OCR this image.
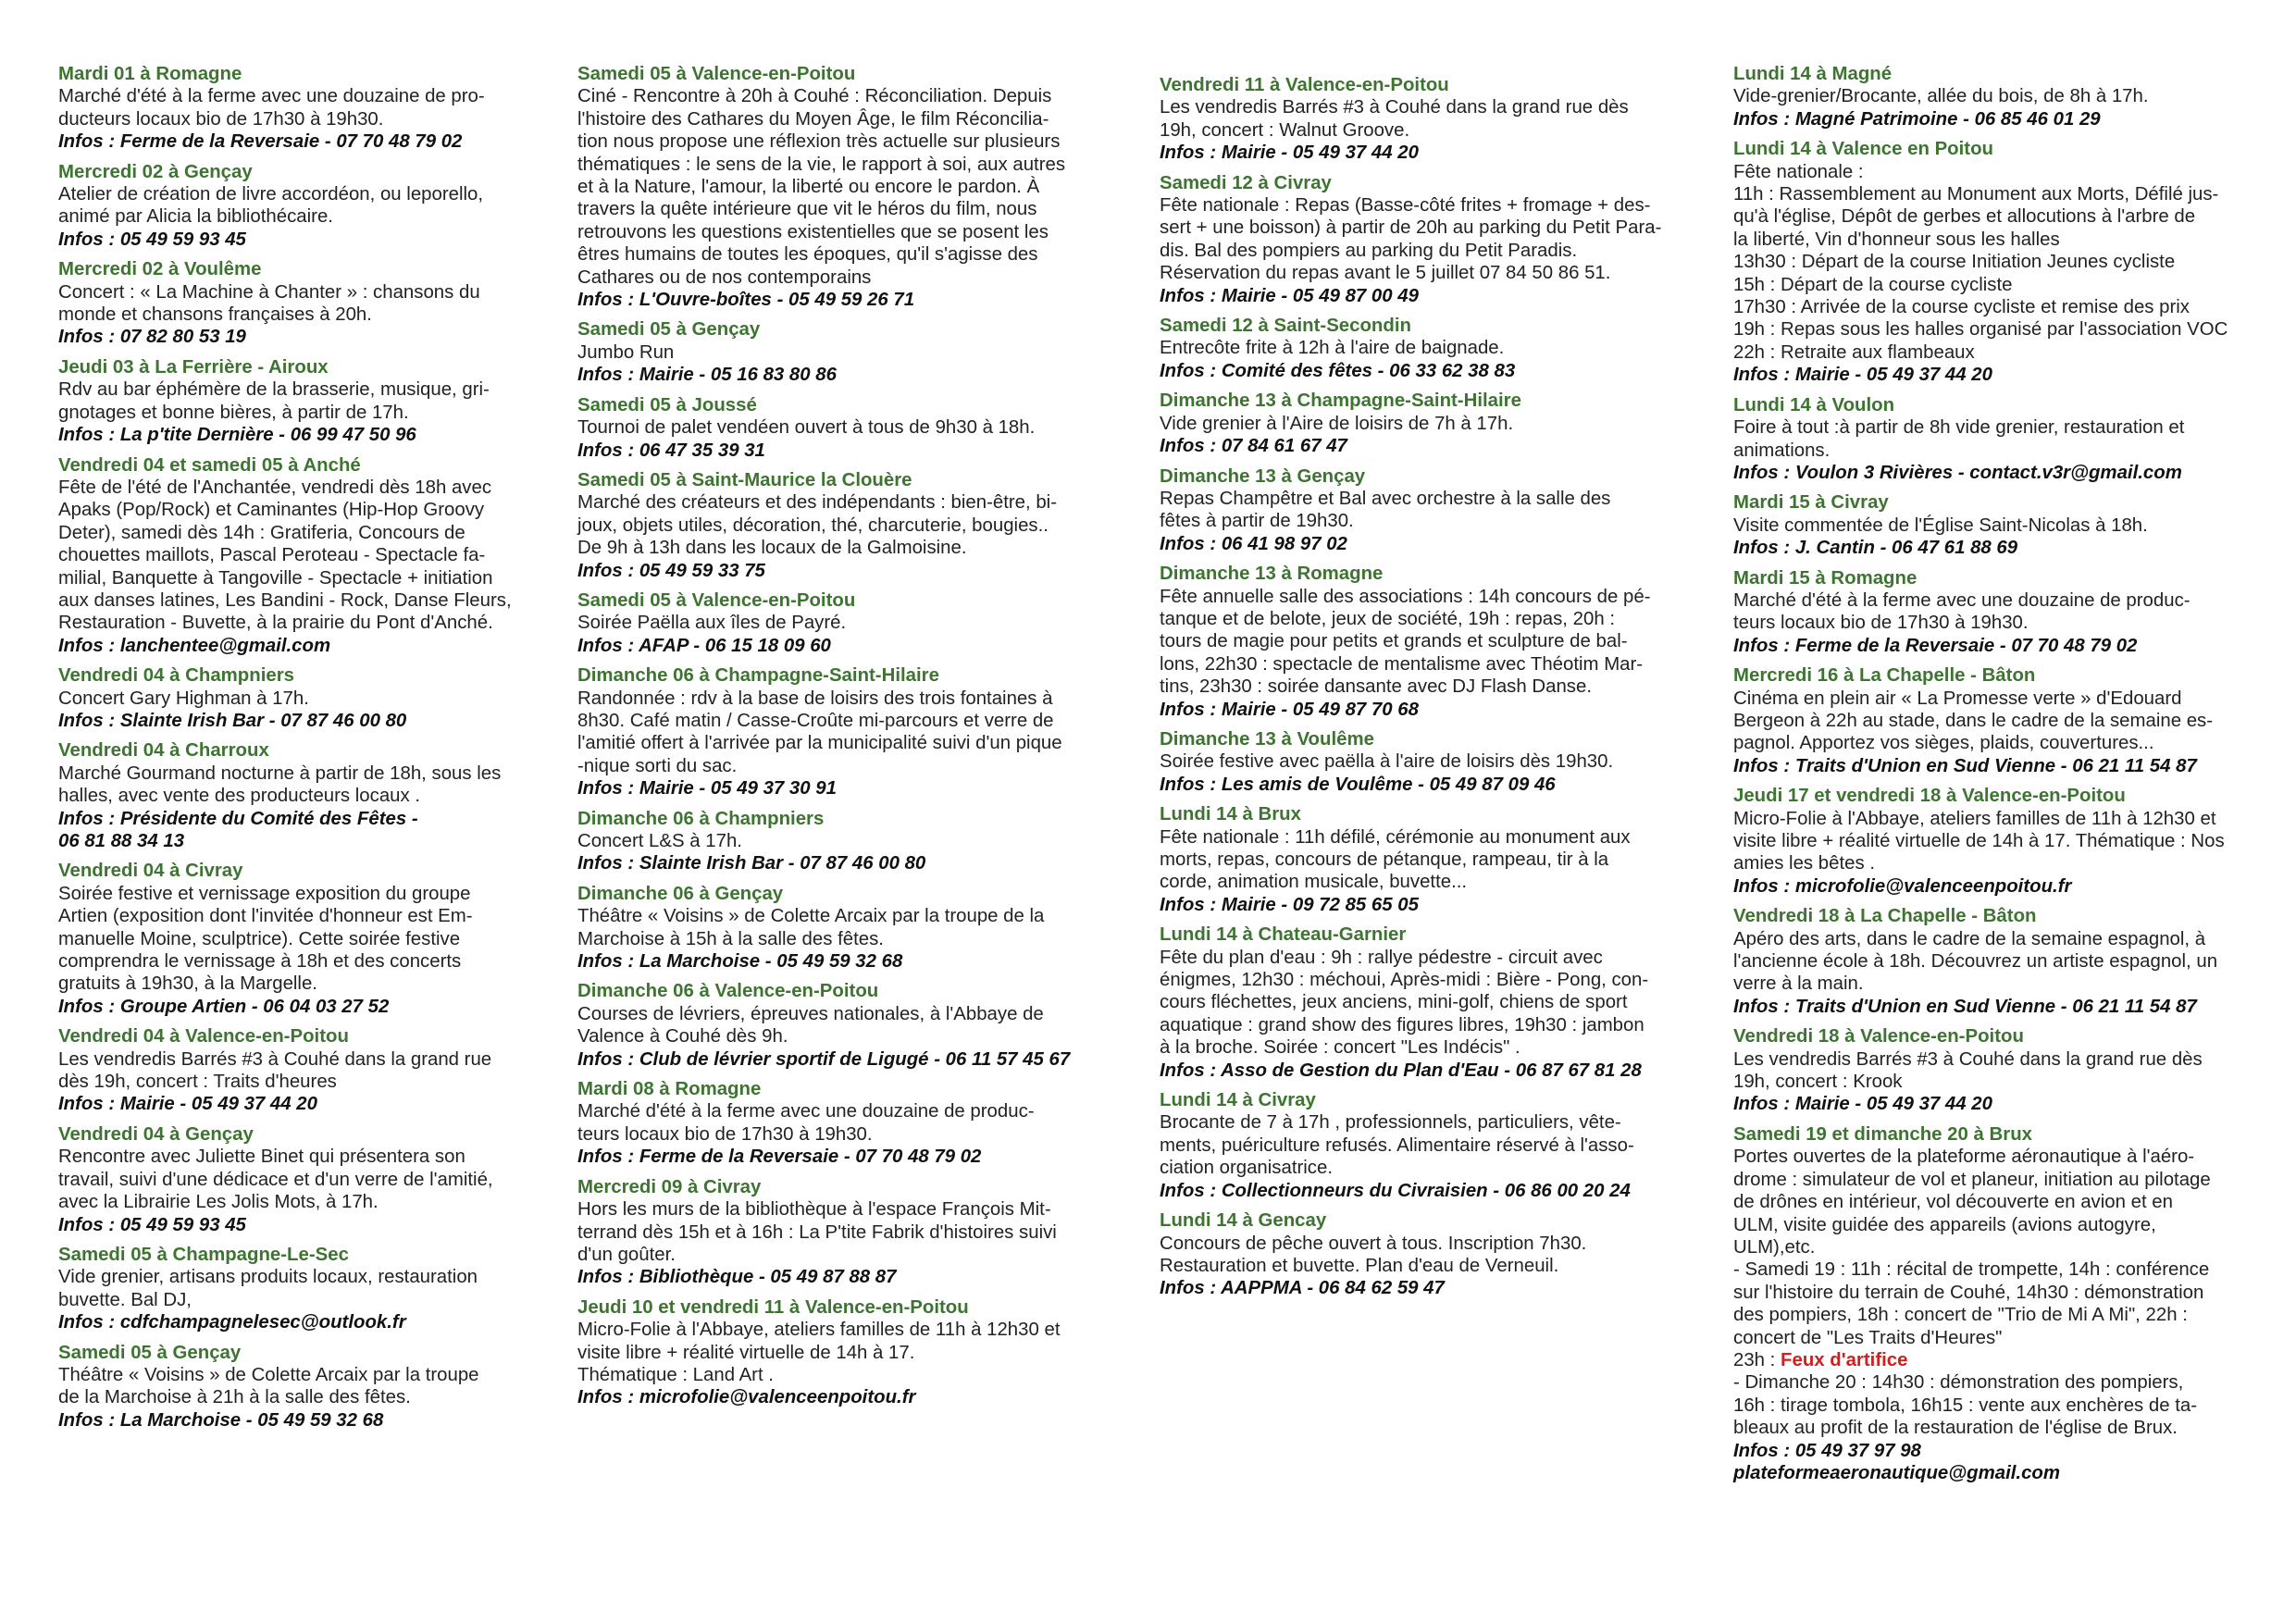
Mardi 01 à Romagne
Marché d'été à la ferme avec une douzaine de pro-
ducteurs locaux bio de 17h30 à 19h30.
Infos : Ferme de la Reversaie - 07 70 48 79 02
Mercredi 02 à Gençay
Atelier de création de livre accordéon, ou leporello,
animé par Alicia la bibliothécaire.
Infos : 05 49 59 93 45
Mercredi 02 à Voulême
Concert : « La Machine à Chanter » : chansons du
monde et chansons françaises à 20h.
Infos : 07 82 80 53 19
Jeudi 03 à La Ferrière - Airoux
Rdv au bar éphémère de la brasserie, musique, gri-
gnotages et bonne bières, à partir de 17h.
Infos : La p'tite Dernière - 06 99 47 50 96
Vendredi 04 et samedi 05 à Anché
Fête de l'été de l'Anchantée, vendredi dès 18h avec
Apaks (Pop/Rock) et Caminantes (Hip-Hop Groovy
Deter), samedi dès 14h : Gratiferia, Concours de
chouettes maillots, Pascal Peroteau - Spectacle fa-
milial, Banquette à Tangoville - Spectacle + initiation
aux danses latines, Les Bandini - Rock, Danse Fleurs,
Restauration - Buvette, à la prairie du Pont d'Anché.
Infos : lanchentee@gmail.com
Vendredi 04 à Champniers
Concert Gary Highman à 17h.
Infos : Slainte Irish Bar - 07 87 46 00 80
Vendredi 04 à Charroux
Marché Gourmand nocturne à partir de 18h, sous les
halles, avec vente des producteurs locaux .
Infos : Présidente du Comité des Fêtes -
06 81 88 34 13
Vendredi 04 à Civray
Soirée festive et vernissage exposition du groupe
Artien (exposition dont l'invitée d'honneur est Em-
manuelle Moine, sculptrice). Cette soirée festive
comprendra le vernissage à 18h et des concerts
gratuits à 19h30, à la Margelle.
Infos : Groupe Artien - 06 04 03 27 52
Vendredi 04 à Valence-en-Poitou
Les vendredis Barrés #3 à Couhé dans la grand rue
dès 19h, concert : Traits d'heures
Infos : Mairie - 05 49 37 44 20
Vendredi 04 à Gençay
Rencontre avec Juliette Binet qui présentera son
travail, suivi d'une dédicace et d'un verre de l'amitié,
avec la Librairie Les Jolis Mots, à 17h.
Infos : 05 49 59 93 45
Samedi 05 à Champagne-Le-Sec
Vide grenier, artisans produits locaux, restauration
buvette. Bal DJ,
Infos : cdfchampagnelesec@outlook.fr
Samedi 05 à Gençay
Théâtre « Voisins » de Colette Arcaix par la troupe
de la Marchoise à 21h à la salle des fêtes.
Infos : La Marchoise - 05 49 59 32 68
Samedi 05 à Valence-en-Poitou
Ciné - Rencontre à 20h à Couhé : Réconciliation. Depuis
l'histoire des Cathares du Moyen Âge, le film Réconcilia-
tion nous propose une réflexion très actuelle sur plusieurs
thématiques : le sens de la vie, le rapport à soi, aux autres
et à la Nature, l'amour, la liberté ou encore le pardon. À
travers la quête intérieure que vit le héros du film, nous
retrouvons les questions existentielles que se posent les
êtres humains de toutes les époques, qu'il s'agisse des
Cathares ou de nos contemporains
Infos : L'Ouvre-boîtes - 05 49 59 26 71
Samedi 05 à Gençay
Jumbo Run
Infos : Mairie - 05 16 83 80 86
Samedi 05 à Joussé
Tournoi de palet vendéen ouvert à tous de 9h30 à 18h.
Infos : 06 47 35 39 31
Samedi 05 à Saint-Maurice la Clouère
Marché des créateurs et des indépendants : bien-être, bi-
joux, objets utiles, décoration, thé, charcuterie, bougies..
De 9h à 13h dans les locaux de la Galmoisine.
Infos : 05 49 59 33 75
Samedi 05 à Valence-en-Poitou
Soirée Paëlla aux îles de Payré.
Infos : AFAP - 06 15 18 09 60
Dimanche 06 à Champagne-Saint-Hilaire
Randonnée : rdv à la base de loisirs des trois fontaines à
8h30. Café matin / Casse-Croûte mi-parcours et verre de
l'amitié offert à l'arrivée par la municipalité suivi d'un pique
-nique sorti du sac.
Infos : Mairie - 05 49 37 30 91
Dimanche 06 à Champniers
Concert L&S à 17h.
Infos : Slainte Irish Bar - 07 87 46 00 80
Dimanche 06 à Gençay
Théâtre « Voisins » de Colette Arcaix par la troupe de la
Marchoise à 15h à la salle des fêtes.
Infos : La Marchoise - 05 49 59 32 68
Dimanche 06 à Valence-en-Poitou
Courses de lévriers, épreuves nationales, à l'Abbaye de
Valence à Couhé dès 9h.
Infos : Club de lévrier sportif de Ligugé - 06 11 57 45 67
Mardi 08 à Romagne
Marché d'été à la ferme avec une douzaine de produc-
teurs locaux bio de 17h30 à 19h30.
Infos : Ferme de la Reversaie - 07 70 48 79 02
Mercredi 09 à Civray
Hors les murs de la bibliothèque à l'espace François Mit-
terrand dès 15h et à 16h : La P'tite Fabrik d'histoires suivi
d'un goûter.
Infos : Bibliothèque - 05 49 87 88 87
Jeudi 10 et vendredi 11 à Valence-en-Poitou
Micro-Folie à l'Abbaye, ateliers familles de 11h à 12h30 et
visite libre + réalité virtuelle de 14h à 17.
Thématique : Land Art .
Infos : microfolie@valenceenpoitou.fr
Vendredi 11 à Valence-en-Poitou
Les vendredis Barrés #3 à Couhé dans la grand rue dès
19h, concert : Walnut Groove.
Infos : Mairie - 05 49 37 44 20
Samedi 12 à Civray
Fête nationale : Repas (Basse-côté frites + fromage + des-
sert + une boisson) à partir de 20h au parking du Petit Para-
dis. Bal des pompiers au parking du Petit Paradis.
Réservation du repas avant le 5 juillet 07 84 50 86 51.
Infos : Mairie - 05 49 87 00 49
Samedi 12 à Saint-Secondin
Entrecôte frite à 12h à l'aire de baignade.
Infos : Comité des fêtes - 06 33 62 38 83
Dimanche 13 à Champagne-Saint-Hilaire
Vide grenier à l'Aire de loisirs de 7h à 17h.
Infos : 07 84 61 67 47
Dimanche 13 à Gençay
Repas Champêtre et Bal avec orchestre à la salle des
fêtes à partir de 19h30.
Infos : 06 41 98 97 02
Dimanche 13 à Romagne
Fête annuelle salle des associations : 14h concours de pé-
tanque et de belote, jeux de société, 19h : repas, 20h :
tours de magie pour petits et grands et sculpture de bal-
lons, 22h30 : spectacle de mentalisme avec Théotim Mar-
tins, 23h30 : soirée dansante avec DJ Flash Danse.
Infos : Mairie - 05 49 87 70 68
Dimanche 13 à Voulême
Soirée festive avec paëlla à l'aire de loisirs dès 19h30.
Infos : Les amis de Voulême - 05 49 87 09 46
Lundi 14 à Brux
Fête nationale : 11h défilé, cérémonie au monument aux
morts, repas, concours de pétanque, rampeau, tir à la
corde, animation musicale, buvette...
Infos : Mairie - 09 72 85 65 05
Lundi 14 à Chateau-Garnier
Fête du plan d'eau : 9h : rallye pédestre - circuit avec
énigmes, 12h30 : méchoui, Après-midi : Bière - Pong, con-
cours fléchettes, jeux anciens, mini-golf, chiens de sport
aquatique : grand show des figures libres, 19h30 : jambon
à la broche. Soirée : concert "Les Indécis" .
Infos : Asso de Gestion du Plan d'Eau - 06 87 67 81 28
Lundi 14 à Civray
Brocante de 7 à 17h , professionnels, particuliers, vête-
ments, puériculture refusés. Alimentaire réservé à l'asso-
ciation organisatrice.
Infos : Collectionneurs du Civraisien - 06 86 00 20 24
Lundi 14 à Gencay
Concours de pêche ouvert à tous. Inscription 7h30.
Restauration et buvette. Plan d'eau de Verneuil.
Infos : AAPPMA - 06 84 62 59 47
Lundi 14 à Magné
Vide-grenier/Brocante, allée du bois, de 8h à 17h.
Infos : Magné Patrimoine - 06 85 46 01 29
Lundi 14 à Valence en Poitou
Fête nationale :
11h : Rassemblement au Monument aux Morts, Défilé jus-
qu'à l'église, Dépôt de gerbes et allocutions à l'arbre de
la liberté, Vin d'honneur sous les halles
13h30 : Départ de la course Initiation Jeunes cycliste
15h : Départ de la course cycliste
17h30 : Arrivée de la course cycliste et remise des prix
19h : Repas sous les halles organisé par l'association VOC
22h : Retraite aux flambeaux
Infos : Mairie - 05 49 37 44 20
Lundi 14 à Voulon
Foire à tout :à partir de 8h vide grenier, restauration et
animations.
Infos : Voulon 3 Rivières - contact.v3r@gmail.com
Mardi 15 à Civray
Visite commentée de l'Église Saint-Nicolas à 18h.
Infos : J. Cantin - 06 47 61 88 69
Mardi 15 à Romagne
Marché d'été à la ferme avec une douzaine de produc-
teurs locaux bio de 17h30 à 19h30.
Infos : Ferme de la Reversaie - 07 70 48 79 02
Mercredi 16 à La Chapelle - Bâton
Cinéma en plein air « La Promesse verte » d'Edouard
Bergeon à 22h au stade, dans le cadre de la semaine es-
pagnol. Apportez vos sièges, plaids, couvertures...
Infos : Traits d'Union en Sud Vienne - 06 21 11 54 87
Jeudi 17 et vendredi 18 à Valence-en-Poitou
Micro-Folie à l'Abbaye, ateliers familles de 11h à 12h30 et
visite libre + réalité virtuelle de 14h à 17. Thématique : Nos
amies les bêtes .
Infos : microfolie@valenceenpoitou.fr
Vendredi 18 à La Chapelle - Bâton
Apéro des arts, dans le cadre de la semaine espagnol, à
l'ancienne école à 18h. Découvrez un artiste espagnol, un
verre à la main.
Infos : Traits d'Union en Sud Vienne - 06 21 11 54 87
Vendredi 18 à Valence-en-Poitou
Les vendredis Barrés #3 à Couhé dans la grand rue dès
19h, concert : Krook
Infos : Mairie - 05 49 37 44 20
Samedi 19 et dimanche 20 à Brux
Portes ouvertes de la plateforme aéronautique à l'aéro-
drome : simulateur de vol et planeur, initiation au pilotage
de drônes en intérieur, vol découverte en avion et en
ULM, visite guidée des appareils (avions autogyre,
ULM),etc.
- Samedi 19 : 11h : récital de trompette, 14h : conférence
sur l'histoire du terrain de Couhé, 14h30 : démonstration
des pompiers, 18h : concert de "Trio de Mi A Mi", 22h :
concert de "Les Traits d'Heures"
23h : Feux d'artifice
- Dimanche 20 : 14h30 : démonstration des pompiers,
16h : tirage tombola, 16h15 : vente aux enchères de ta-
bleaux au profit de la restauration de l'église de Brux.
Infos : 05 49 37 97 98
plateformeaeronautique@gmail.com
